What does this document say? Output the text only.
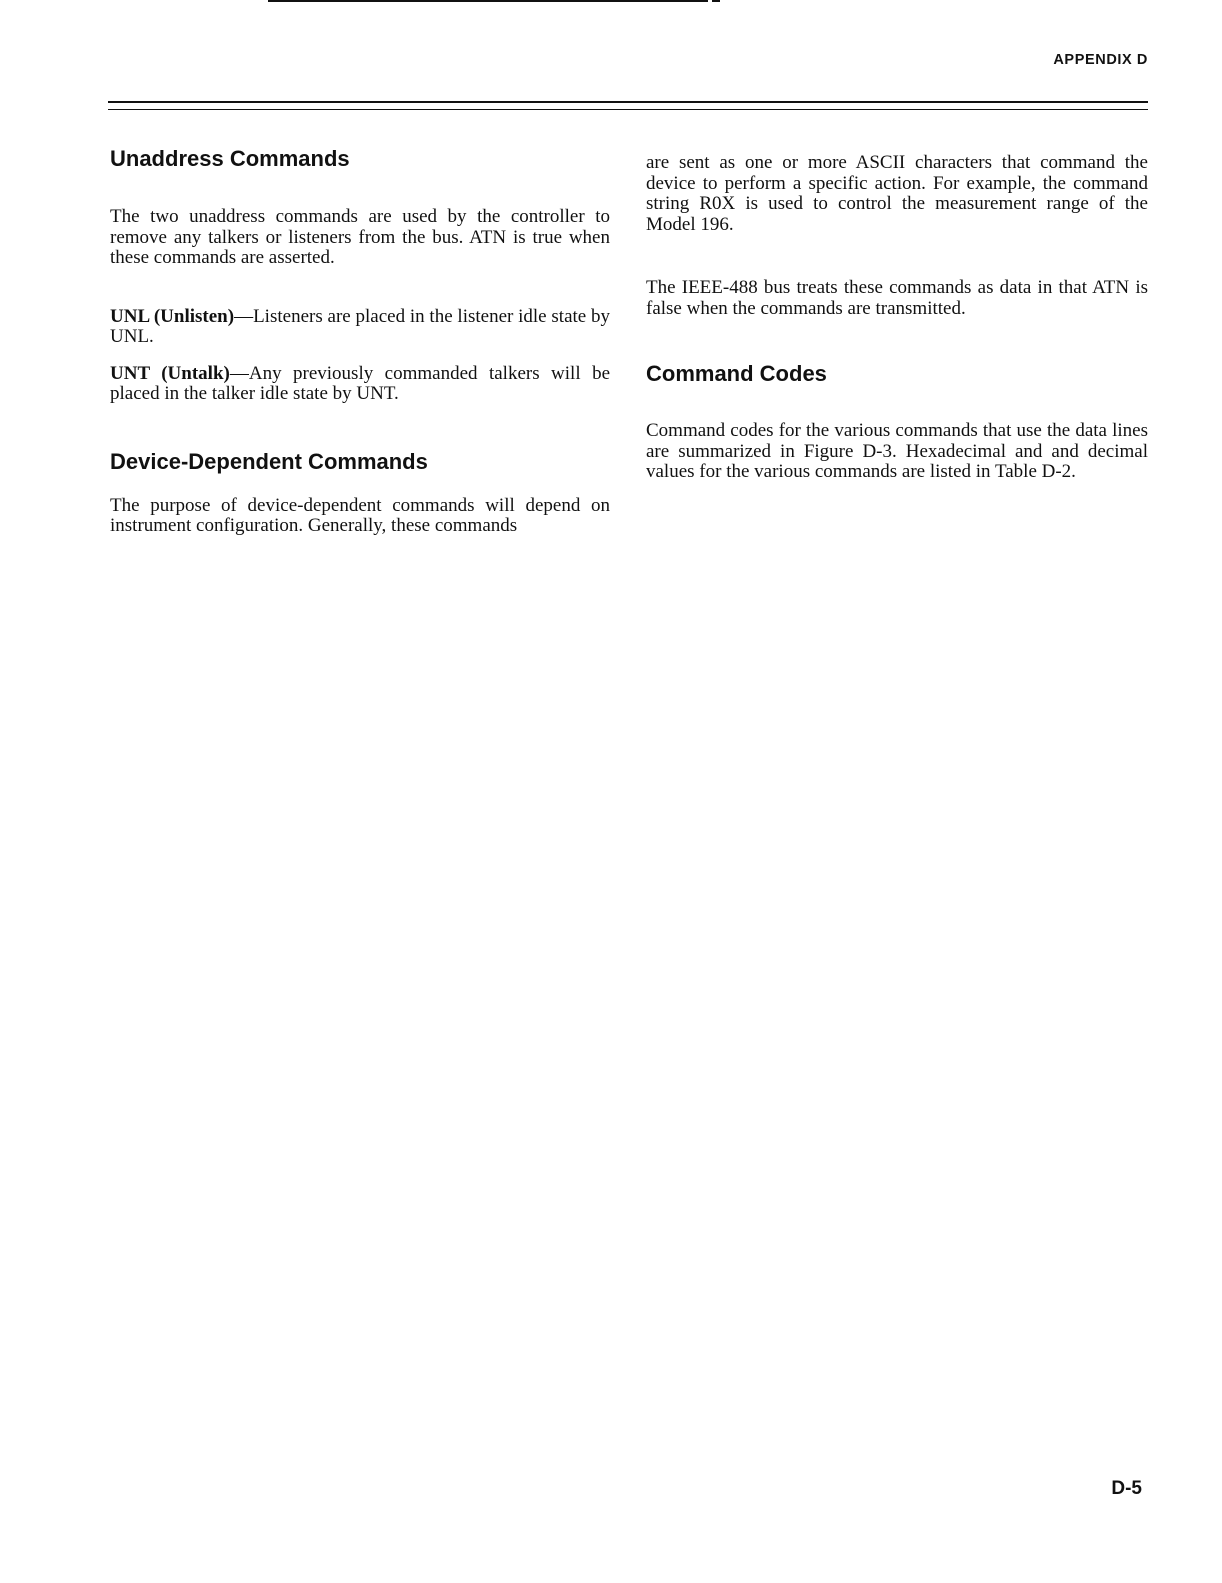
APPENDIX D
Unaddress Commands

The two unaddress commands are used by the controller to remove any talkers or listeners from the bus. ATN is true when these commands are asserted.

UNL (Unlisten)—Listeners are placed in the listener idle state by UNL.

UNT (Untalk)—Any previously commanded talkers will be placed in the talker idle state by UNT.

Device-Dependent Commands

The purpose of device-dependent commands will depend on instrument configuration. Generally, these commands

are sent as one or more ASCII characters that command the device to perform a specific action. For example, the command string R0X is used to control the measurement range of the Model 196.

The IEEE-488 bus treats these commands as data in that ATN is false when the commands are transmitted.

Command Codes

Command codes for the various commands that use the data lines are summarized in Figure D-3. Hexadecimal and and decimal values for the various commands are listed in Table D-2.

D-5
